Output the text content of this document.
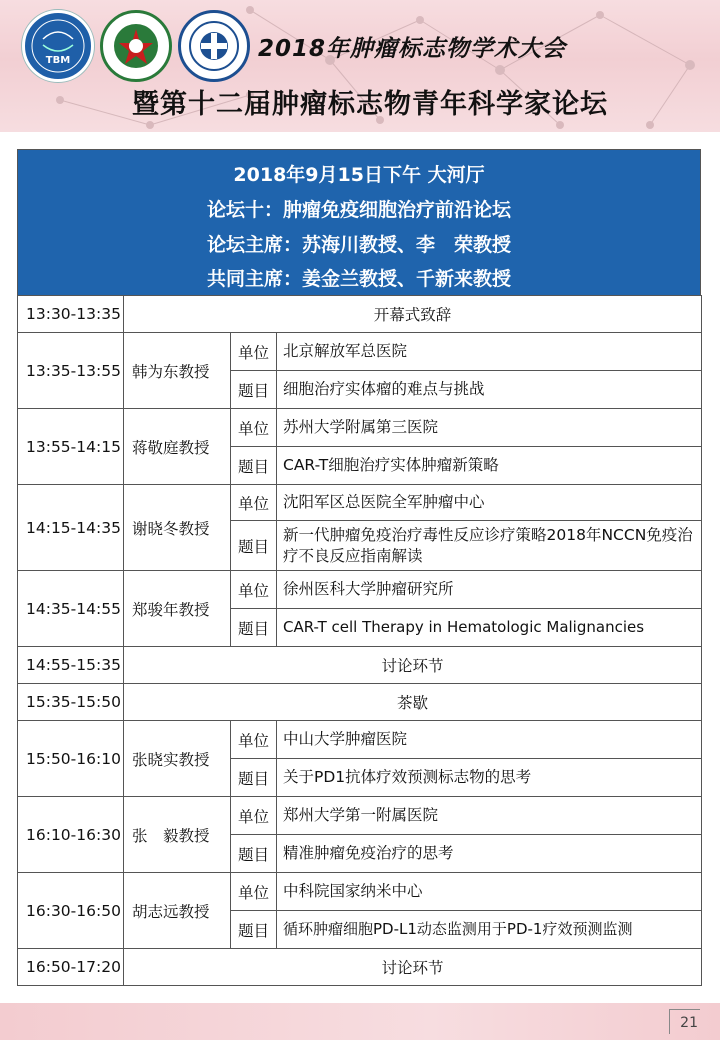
TBM	2018年肿瘤标志物学术大会
暨第十二届肿瘤标志物青年科学家论坛
2018年9月15日下午 大河厅
论坛十：肿瘤免疫细胞治疗前沿论坛
论坛主席：苏海川教授、李　荣教授
共同主席：姜金兰教授、千新来教授
13:30-13:35	开幕式致辞		
13:35-13:55	韩为东教授	单位	北京解放军总医院
		题目	细胞治疗实体瘤的难点与挑战
13:55-14:15	蒋敬庭教授	单位	苏州大学附属第三医院
		题目	CAR-T细胞治疗实体肿瘤新策略
14:15-14:35	谢晓冬教授	单位	沈阳军区总医院全军肿瘤中心
		题目	新一代肿瘤免疫治疗毒性反应诊疗策略2018年NCCN免疫治疗不良反应指南解读
14:35-14:55	郑骏年教授	单位	徐州医科大学肿瘤研究所
		题目	CAR-T cell Therapy in Hematologic Malignancies
14:55-15:35	讨论环节		
15:35-15:50	茶歇		
15:50-16:10	张晓实教授	单位	中山大学肿瘤医院
		题目	关于PD1抗体疗效预测标志物的思考
16:10-16:30	张　毅教授	单位	郑州大学第一附属医院
		题目	精准肿瘤免疫治疗的思考
16:30-16:50	胡志远教授	单位	中科院国家纳米中心
		题目	循环肿瘤细胞PD-L1动态监测用于PD-1疗效预测监测
16:50-17:20	讨论环节		
21
